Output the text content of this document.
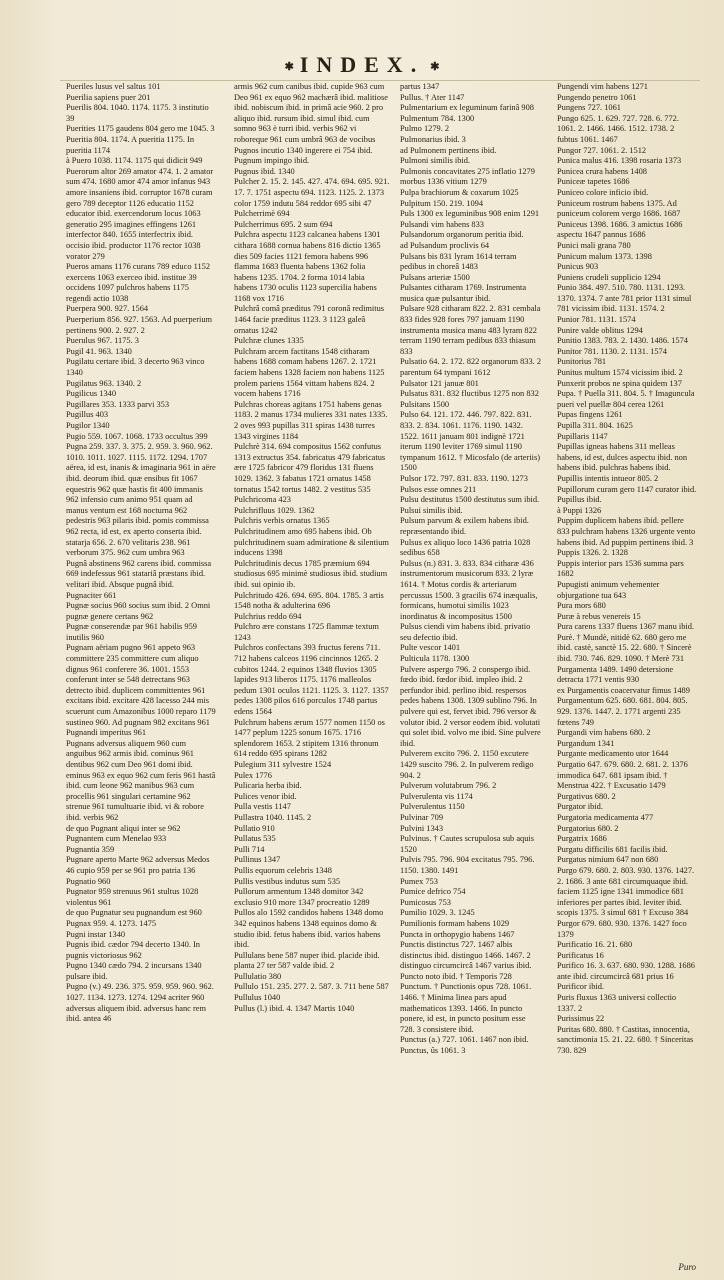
✱ INDEX. ✱
Pueriles lusus vel saltus 101
Puerilia sapiens puer 201
Puerilis 804. 1040. 1174. 1175. 3 institutio 39
Puerities 1175 gaudens 804 gero me 1045. 3
Pueritia 804. 1174. A pueritia 1175. In pueritia 1174
à Puero 1038. 1174. 1175 qui didicit 949
Puerorum altor 269 amator 474. 1. 2 amator sum 474. 1680 amor 474 amor infanus 943 amore insaniens ibid. corruptor 1678 curam gero 789 deceptor 1126 educatio 1152 educator ibid. exercendorum locus 1063 generatio 295 imagines effingens 1261 interfector 840. 1655 interfectrix ibid. occisio ibid. productor 1176 rector 1038 vorator 279
Pueros amans 1176 curans 789 educo 1152 exercens 1063 exerceo ibid. institue 39 occidens 1097 pulchros habens 1175 regendi actio 1038
Puerpera 900. 927. 1564
Puerperium 856. 927. 1563. Ad puerperium pertinens 900. 2. 927. 2
Puerulus 967. 1175. 3
Pugil 41. 963. 1340
Pugilatu certare ibid. 3 decerto 963 vinco 1340
Pugilatus 963. 1340. 2
Pugilicus 1340
Pugillares 353. 1333 parvi 353
Pugillus 403
Pugilor 1340
Pugio 559. 1067. 1068. 1733 occultus 399
Pugna 259. 337. 3. 375. 2. 959. 3. 960. 962. 1010. 1011. 1027. 1115. 1172. 1294. 1707 aërea, id est, inanis & imaginaria 961 in aëre ibid. deorum ibid. quæ ensibus fit 1067 equestris 962 quæ hastis fit 400 immanis 962 infensio cum animo 951 quam ad manus ventum est 168 nocturna 962 pedestris 963 pilaris ibid. pomis commissa 962 recta, id est, ex aperto conserta ibid. statarja 656. 2. 670 velitaris 238. 961 verborum 375. 962 cum umbra 963
Pugnâ abstinens 962 carens ibid. commissa 669 indefessus 961 statariâ præstans ibid. velitari ibid. Absque pugnâ ibid.
Pugnaciter 661
Pugnæ socius 960 socius sum ibid. 2 Omni pugnæ genere certans 962
Pugnæ conserendæ par 961 habilis 959 inutilis 960
Pugnam aëriam pugno 961 appeto 963 committere 235 committere cum aliquo dignus 961 conferere 36. 1001. 1553 conferunt inter se 548 detrectans 963 detrecto ibid. duplicem committentes 961 excitans ibid. excitare 428 lacesso 244 mis scuerunt cum Amazonibus 1000 reparo 1179 sustineo 960. Ad pugnam 982 excitans 961
Pugnandi imperitus 961
Pugnans adversus aliquem 960 cum anguibus 962 armis ibid. cominus 961 dentibus 962 cum Deo 961 domi ibid. eminus 963 ex equo 962 cum feris 961 hastâ ibid. cum leone 962 manibus 963 cum procellis 961 singulari certamine 962 strenue 961 tumultuarie ibid. vi & robore ibid. verbis 962
de quo Pugnant aliqui inter se 962
Pugnantem cum Menelao 933
Pugnantia 359
Pugnare aperto Marte 962 adversus Medos 46 cupio 959 per se 961 pro patria 136
Pugnatio 960
Pugnator 959 strenuus 961 stultus 1028 violentus 961
de quo Pugnatur seu pugnandum est 960
Pugnax 959. 4. 1273. 1475
Pugni instar 1340
Pugnis ibid. cædor 794 decerto 1340. In pugnis victoriosus 962
Pugno 1340 cædo 794. 2 incursans 1340 pulsare ibid.
Pugno (v.) 49. 236. 375. 959. 959. 960. 962. 1027. 1134. 1273. 1274. 1294 acriter 960 adversus aliquem ibid. adversus hanc rem ibid. antea 46
armis 962 cum canibus ibid. cupide 963 cum Deo 961 ex equo 962 machærâ ibid. malitiose ibid. nobiscum ibid. in primâ acie 960. 2 pro aliquo ibid. rursum ibid. simul ibid. cum somno 963 è turri ibid. verbis 962 vi roboreque 961 cum umbrâ 963 de vocibus
Pugnos incutio 1340 ingerere ei 754 ibid.
Pugnum impingo ibid.
Pugnus ibid. 1340
Pulcher 2. 15. 2. 145. 427. 474. 694. 695. 921. 17. 7. 1751 aspectu 694. 1123. 1125. 2. 1373 color 1759 indutu 584 reddor 695 sibi 47
Pulcherrimè 694
Pulcherrimus 695. 2 sum 694
Pulchra aspectu 1123 calcanea habens 1301 cithara 1688 cornua habens 816 dictio 1365 dies 509 facies 1121 femora habens 996 flamma 1683 fluenta habens 1362 folia habens 1235. 1704. 2 forma 1014 labia habens 1730 oculis 1123 supercilia habens 1168 vox 1716
Pulchrâ comâ præditus 791 coronâ redimitus 1464 facie præditus 1123. 3 1123 galeâ ornatus 1242
Pulchræ clunes 1335
Pulchram arcem factitans 1548 citharam habens 1688 comam habens 1267. 2. 1721 faciem habens 1328 faciem non habens 1125 prolem pariens 1564 vittam habens 824. 2 vocem habens 1716
Pulchras choreas agitans 1751 habens genas 1183. 2 manus 1734 mulieres 331 nates 1335. 2 oves 993 pupillas 311 spiras 1438 turres 1343 virgines 1184
Pulchrè 314. 694 compositus 1562 confutus 1313 extructus 354. fabricatus 479 fabricatus ære 1725 fabricor 479 floridus 131 fluens 1029. 1362. 3 fabatus 1721 ornatus 1458 tornatus 1542 tortus 1482. 2 vestitus 535
Pulchricoma 423
Pulchrifluus 1029. 1362
Pulchris verbis ornatus 1365
Pulchritudinem amo 695 habens ibid. Ob pulchritudinem suam admiratione & silentium inducens 1398
Pulchritudinis decus 1785 præmium 694 studiosus 695 minimè studiosus ibid. studium ibid. sui opinio ib.
Pulchritudo 426. 694. 695. 804. 1785. 3 artis 1548 notha & adulterina 696
Pulchrius reddo 694
Pulchro ære constans 1725 flammæ textum 1243
Pulchros confectans 393 fructus ferens 711. 712 habens calceos 1196 cincinnos 1265. 2 cubitos 1244. 2 equinos 1348 fluvios 1305 lapides 913 liberos 1175. 1176 malleolos pedum 1301 oculos 1121. 1125. 3. 1127. 1357 pedes 1308 pilos 616 porculos 1748 partus edens 1564
Pulchrum habens ærum 1577 nomen 1150 os 1477 peplum 1225 sonum 1675. 1716 splendorem 1653. 2 stipitem 1316 thronum 614 reddo 695 spirans 1282
Pulegium 311 sylvestre 1524
Pulex 1776
Pulicaria herba ibid.
Pulices venor ibid.
Pulla vestis 1147
Pullastra 1040. 1145. 2
Pullatio 910
Pullatus 535
Pulli 714
Pullinus 1347
Pullis equorum celebris 1348
Pullis vestibus indutus sum 535
Pullorum armentum 1348 domitor 342 exclusio 910 more 1347 procreatio 1289
Pullos alo 1592 candidos habens 1348 domo 342 equinos habens 1348 equinos domo & studio ibid. fetus habens ibid. varios habens ibid.
Pullulans bene 587 nuper ibid. placide ibid. planta 27 ter 587 valde ibid. 2
Pullulatio 380
Pullulo 151. 235. 277. 2. 587. 3. 711 bene 587
Pullulus 1040
Pullus (l.) ibid. 4. 1347 Martis 1040
partus 1347
Pullus. † Ater 1147
Pulmentarium ex leguminum farinâ 908
Pulmentum 784. 1300
Pulmo 1279. 2
Pulmonarius ibid. 3
ad Pulmonem pertinens ibid.
Pulmoni similis ibid.
Pulmonis concavitates 275 inflatio 1279 morbus 1336 vitium 1279
Pulpa brachiorum & coxarum 1025
Pulpitum 150. 219. 1094
Puls 1300 ex leguminibus 908 enim 1291
Pulsandi vim habens 833
Pulsandorum organorum peritia ibid.
ad Pulsandum proclivis 64
Pulsans bis 831 lyram 1614 terram pedibus in choreâ 1483
Pulsans arteriæ 1500
Pulsantes citharam 1769. Instrumenta musica quæ pulsantur ibid.
Pulsare 928 citharam 822. 2. 831 cembala 833 fides 928 fores 797 januam 1190 instrumenta musica manu 483 lyram 822 terram 1190 terram pedibus 833 thiasum 833
Pulsatio 64. 2. 172. 822 organorum 833. 2 parentum 64 tympani 1612
Pulsator 121 januæ 801
Pulsatus 831. 832 fluctibus 1275 non 832
Pulsitans 1500
Pulso 64. 121. 172. 446. 797. 822. 831. 833. 2. 834. 1061. 1176. 1190. 1432. 1522. 1611 januam 801 indignè 1721 iterum 1190 leviter 1769 simul 1190 tympanum 1612. † Micosfalo (de arteriis) 1500
Pulsor 172. 797. 831. 833. 1190. 1273
Pulsos esse omnes 211
Pulsu destitutus 1500 destitutus sum ibid.
Pulsui similis ibid.
Pulsum parvum & exilem habens ibid. repræsentando ibid.
Pulsus ex aliquo loco 1436 patria 1028 sedibus 658
Pulsus (n.) 831. 3. 833. 834 citharæ 436 instrumentorum musicorum 833. 2 lyræ 1614. † Motus cordis & arteriarum percussus 1500. 3 gracilis 674 inæqualis, formicans, humotui similis 1023 inordinatus & incompositus 1500
Pulsus ciendi vim habens ibid. privatio seu defectio ibid.
Pulte vescor 1401
Pulticula 1178. 1300
Pulvere aspergo 796. 2 conspergo ibid. fœdo ibid. fœdor ibid. impleo ibid. 2 perfundor ibid. perlino ibid. respersos pedes habens 1308. 1309 sublino 796. In pulvere qui est, fervet ibid. 796 versor & volutor ibid. 2 versor eodem ibid. volutati qui solet ibid. volvo me ibid. Sine pulvere ibid.
Pulverem excito 796. 2. 1150 excutere 1429 suscito 796. 2. In pulverem redigo 904. 2
Pulverum volutabrum 796. 2
Pulverulenta vis 1174
Pulverulentus 1150
Pulvinar 709
Pulvini 1343
Pulvinus. † Cautes scrupulosa sub aquis 1520
Pulvis 795. 796. 904 excitatus 795. 796. 1150. 1380. 1491
Pumex 753
Pumice defrico 754
Pumicosus 753
Pumilio 1029. 3. 1245
Pumilionis formam habens 1029
Puncta in orthopygio habens 1467
Punctis distinctus 727. 1467 albis distinctus ibid. distinguo 1466. 1467. 2 distinguo circumcircâ 1467 varius ibid.
Puncto noto ibid. † Temporis 728
Punctum. † Punctionis opus 728. 1061. 1466. † Minima linea pars apud mathematicos 1393. 1466. In puncto ponere, id est, in puncto positum esse 728. 3 consistere ibid.
Punctus (a.) 727. 1061. 1467 non ibid.
Punctus, ûs 1061. 3
Pungendi vim habens 1271
Pungendo penetro 1061
Pungens 727. 1061
Pungo 625. 1. 629. 727. 728. 6. 772. 1061. 2. 1466. 1466. 1512. 1738. 2 fubtus 1061. 1467
Pungor 727. 1061. 2. 1512
Punica malus 416. 1398 rosaria 1373
Punicea crura habens 1408
Puniceæ tapetes 1686
Puniceo colore inficio ibid.
Puniceum rostrum habens 1375. Ad puniceum colorem vergo 1686. 1687
Puniceus 1398. 1686. 3 amictus 1686 aspectu 1647 pannus 1686
Punici mali grana 780
Punicum malum 1373. 1398
Punicus 903
Puniens crudeli supplicio 1294
Punio 384. 497. 510. 780. 1131. 1293. 1370. 1374. 7 ante 781 prior 1131 simul 781 vicissim ibid. 1131. 1574. 2
Punior 781. 1131. 1574
Punire valde oblitus 1294
Punitio 1383. 783. 2. 1430. 1486. 1574
Punitor 781. 1130. 2. 1131. 1574
Punitorius 781
Punitus multum 1574 vicissim ibid. 2
Punxerit probos ne spina quidem 137
Pupa. † Puella 311. 804. 5. † Imaguncula pueri vel puellæ 804 cerea 1261
Pupas fingens 1261
Pupilla 311. 804. 1625
Pupillaris 1147
Pupillas igneas habens 311 melleas habens, id est, dulces aspectu ibid. non habens ibid. pulchras habens ibid.
Pupillis intentis intueor 805. 2
Pupillorum curam gero 1147 curator ibid.
Pupillus ibid.
à Puppi 1326
Puppim duplicem habens ibid. pellere 833 pulchram habens 1326 urgente vento habens ibid. Ad puppim pertinens ibid. 3
Puppis 1326. 2. 1328
Puppis interior pars 1536 summa pars 1682
Pupugisti animum vehementer objurgatione tua 643
Pura mors 680
Puræ à rebus venereis 15
Pura carens 1337 fluens 1367 manu ibid.
Purè. † Mundè, nitidè 62. 680 gero me ibid. castè, sanctè 15. 22. 680. † Sincerè ibid. 730. 746. 829. 1090. † Merè 731
Purgamenta 1489. 1490 detersione detracta 1771 ventis 930
ex Purgamentis coacervatur fimus 1489
Purgamentum 625. 680. 681. 804. 805. 929. 1376. 1447. 2. 1771 argenti 235 fœtens 749
Purgandi vim habens 680. 2
Purgandum 1341
Purgante medicamento utor 1644
Purgatio 647. 679. 680. 2. 681. 2. 1376 immodica 647. 681 ipsam ibid. † Menstrua 422. † Excusatio 1479
Purgativus 680. 2
Purgator ibid.
Purgatoria medicamenta 477
Purgatorius 680. 2
Purgatrix 1686
Purgatu difficilis 681 facilis ibid.
Purgatus nimium 647 non 680
Purgo 679. 680. 2. 803. 930. 1376. 1427. 2. 1686. 3 ante 681 circumquaque ibid. faciem 1125 igne 1341 immodice 681 inferiores per partes ibid. leviter ibid. scopis 1375. 3 simul 681 † Excuso 384
Purgor 679. 680. 930. 1376. 1427 foco 1379
Purificatio 16. 21. 680
Purificatus 16
Purifico 16. 3. 637. 680. 930. 1288. 1686 ante ibid. circumcircâ 681 prius 16
Purificor ibid.
Puris fluxus 1363 universi collectio 1337. 2
Purissimus 22
Puritas 680. 880. † Castitas, innocentia, sanctimonia 15. 21. 22. 680. † Sinceritas 730. 829
Puro
